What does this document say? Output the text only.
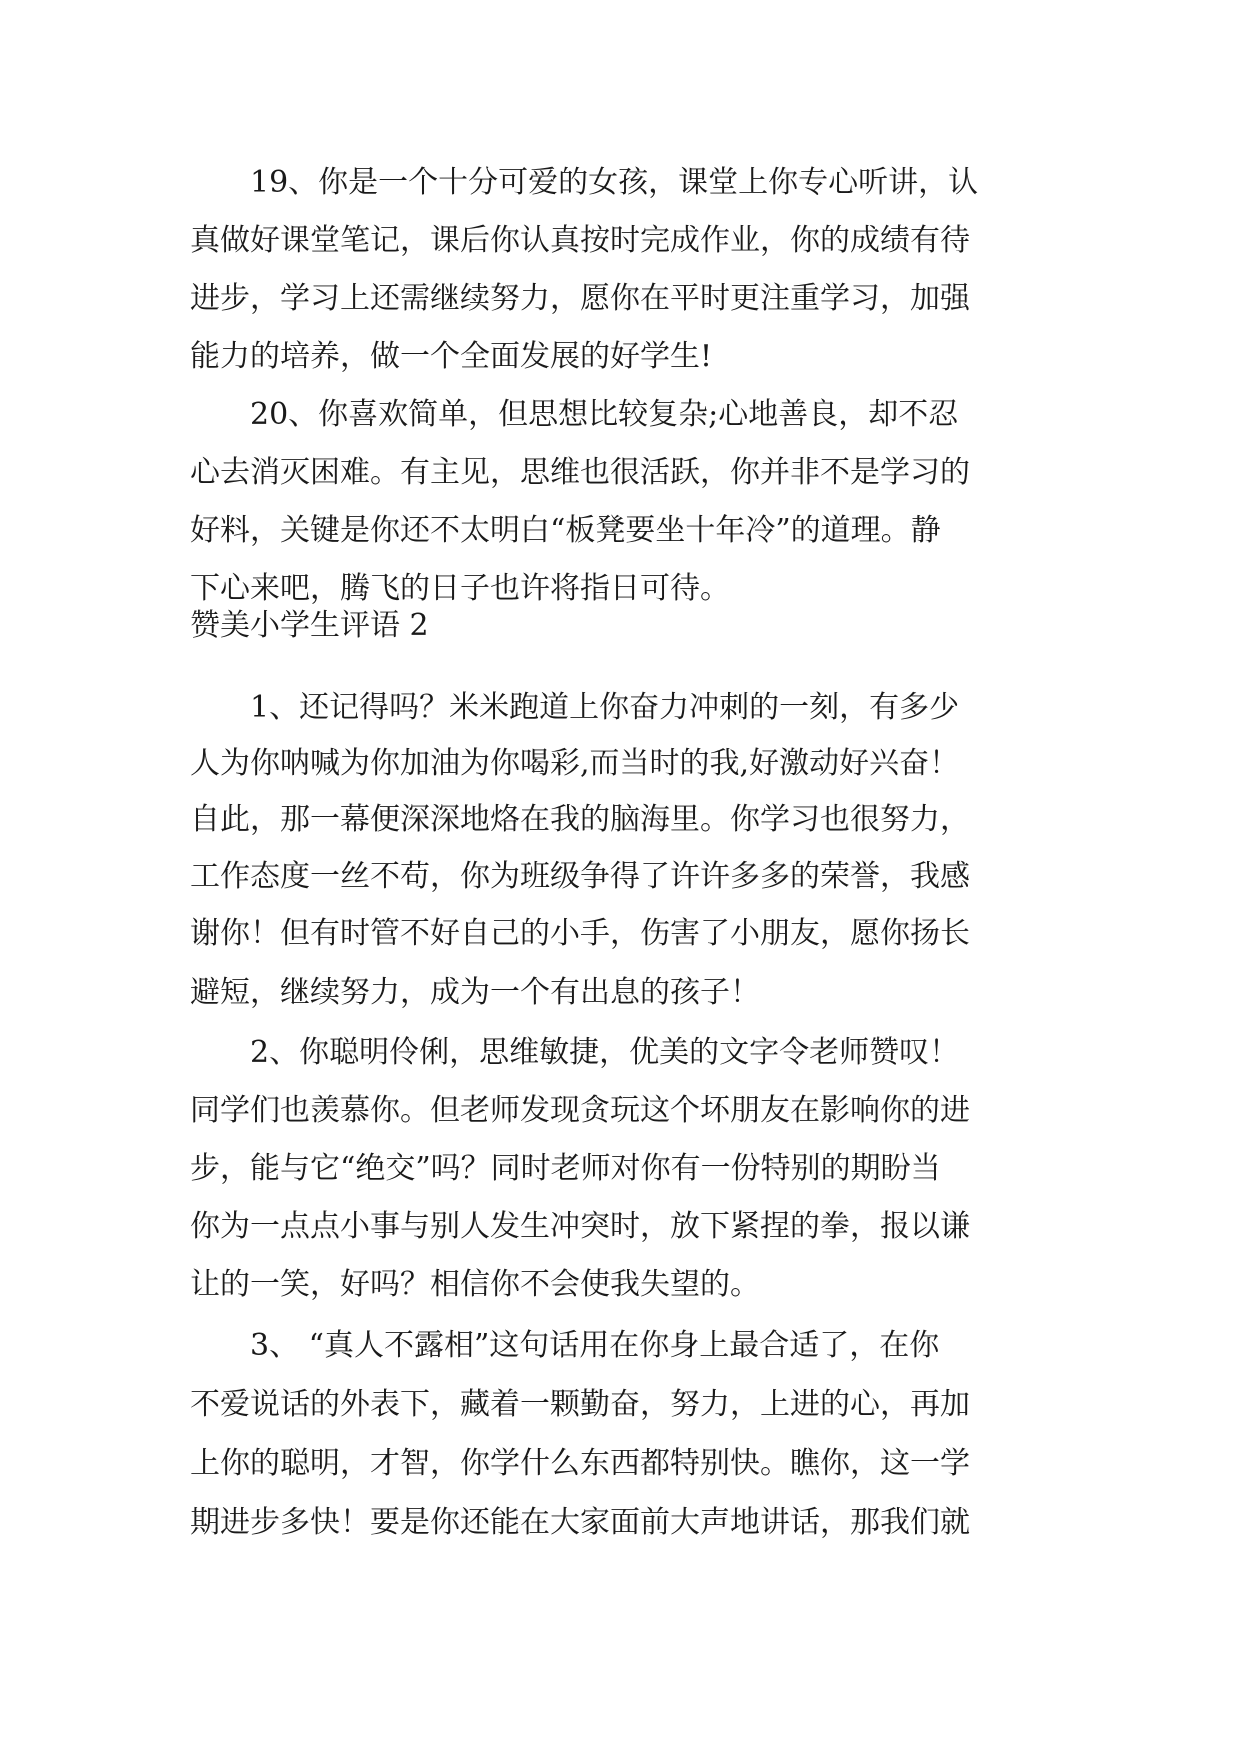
　　19、你是一个十分可爱的女孩，课堂上你专心听讲，认
真做好课堂笔记，课后你认真按时完成作业，你的成绩有待
进步，学习上还需继续努力，愿你在平时更注重学习，加强
能力的培养，做一个全面发展的好学生!
　　20、你喜欢简单，但思想比较复杂;心地善良，却不忍
心去消灭困难。有主见，思维也很活跃，你并非不是学习的
好料，关键是你还不太明白“板凳要坐十年冷”的道理。静
下心来吧，腾飞的日子也许将指日可待。
赞美小学生评语 2
　　1、还记得吗？米米跑道上你奋力冲刺的一刻，有多少
人为你呐喊为你加油为你喝彩,而当时的我,好激动好兴奋！
自此，那一幕便深深地烙在我的脑海里。你学习也很努力，
工作态度一丝不苟，你为班级争得了许许多多的荣誉，我感
谢你！但有时管不好自己的小手，伤害了小朋友，愿你扬长
避短，继续努力，成为一个有出息的孩子！
　　2、你聪明伶俐，思维敏捷，优美的文字令老师赞叹！
同学们也羡慕你。但老师发现贪玩这个坏朋友在影响你的进
步，能与它“绝交”吗？同时老师对你有一份特别的期盼当
你为一点点小事与别人发生冲突时，放下紧捏的拳，报以谦
让的一笑，好吗？相信你不会使我失望的。
　　3、 “真人不露相”这句话用在你身上最合适了，在你
不爱说话的外表下，藏着一颗勤奋，努力，上进的心，再加
上你的聪明，才智，你学什么东西都特别快。瞧你，这一学
期进步多快！要是你还能在大家面前大声地讲话，那我们就
